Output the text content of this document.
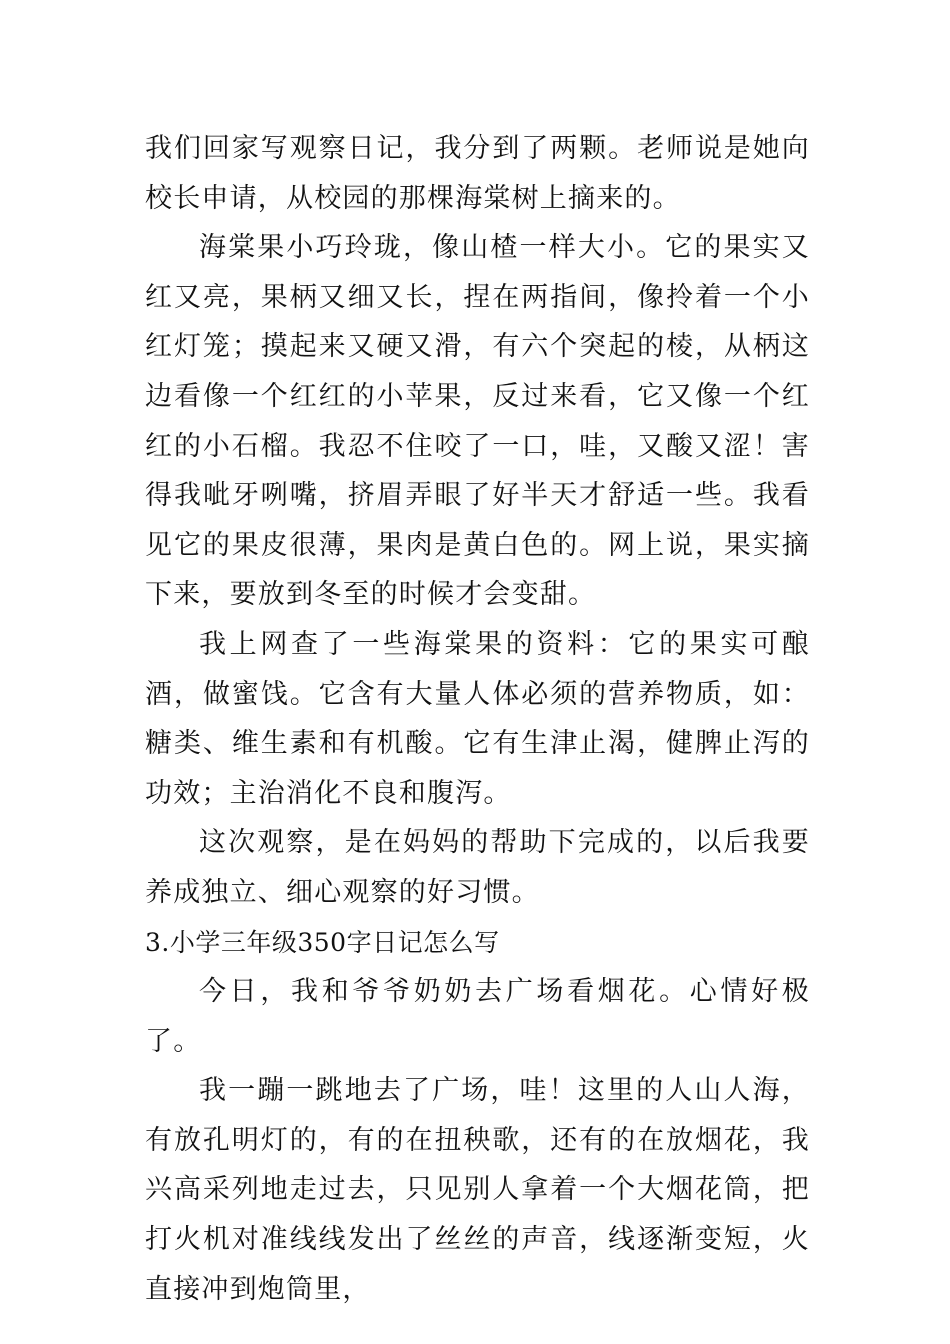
我们回家写观察日记，我分到了两颗。老师说是她向校长申请，从校园的那棵海棠树上摘来的。

海棠果小巧玲珑，像山楂一样大小。它的果实又红又亮，果柄又细又长，捏在两指间，像拎着一个小红灯笼；摸起来又硬又滑，有六个突起的棱，从柄这边看像一个红红的小苹果，反过来看，它又像一个红红的小石榴。我忍不住咬了一口，哇，又酸又涩！害得我呲牙咧嘴，挤眉弄眼了好半天才舒适一些。我看见它的果皮很薄，果肉是黄白色的。网上说，果实摘下来，要放到冬至的时候才会变甜。

我上网查了一些海棠果的资料：它的果实可酿酒，做蜜饯。它含有大量人体必须的营养物质，如：糖类、维生素和有机酸。它有生津止渴，健脾止泻的功效；主治消化不良和腹泻。

这次观察，是在妈妈的帮助下完成的，以后我要养成独立、细心观察的好习惯。

3.小学三年级350字日记怎么写

今日，我和爷爷奶奶去广场看烟花。心情好极了。

我一蹦一跳地去了广场，哇！这里的人山人海，有放孔明灯的，有的在扭秧歌，还有的在放烟花，我兴高采列地走过去，只见别人拿着一个大烟花筒，把打火机对准线线发出了丝丝的声音，线逐渐变短，火直接冲到炮筒里，
